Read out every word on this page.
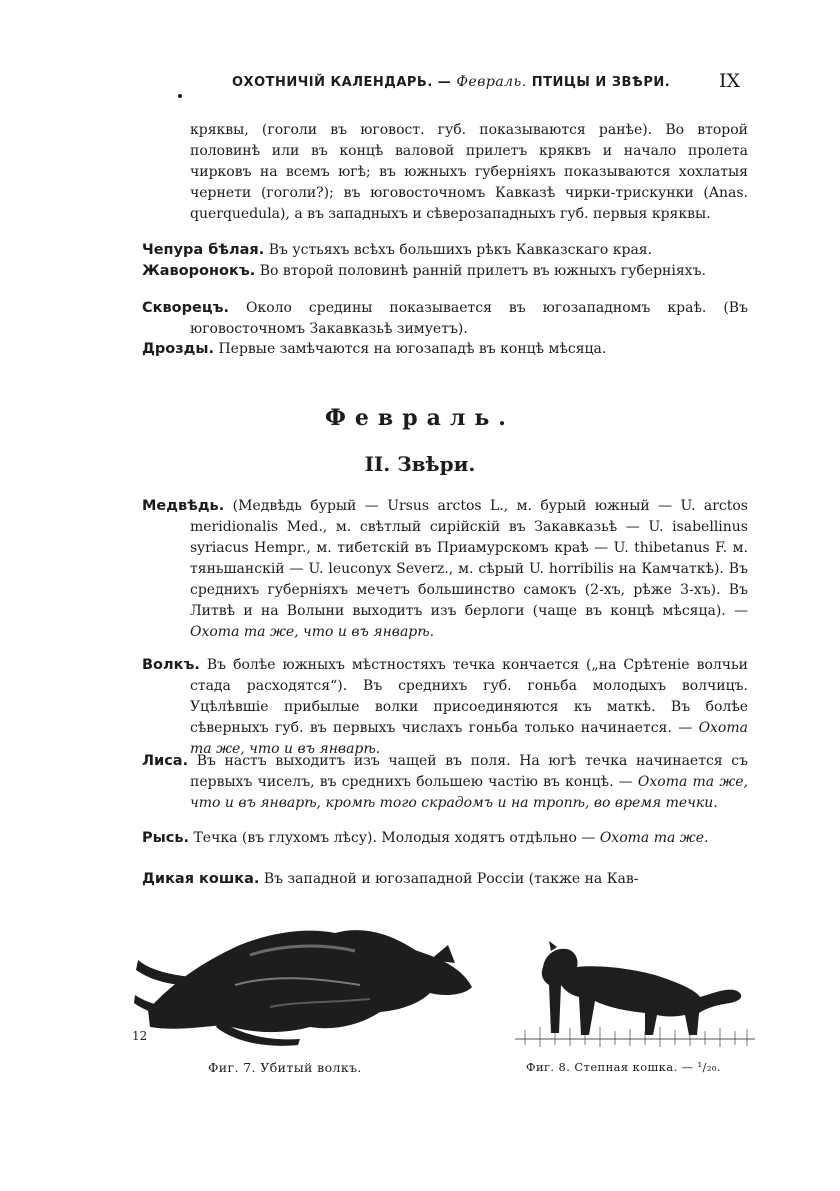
ОХОТНИЧІЙ КАЛЕНДАРЬ. — Февраль. ПТИЦЫ И ЗВѢРИ.	IX
кряквы, (гоголи въ юговост. губ. показываются ранѣе). Во второй половинѣ или въ концѣ валовой прилетъ кряквъ и начало пролета чирковъ на всемъ югѣ; въ южныхъ губерніяхъ показываются хохлатыя чернети (гоголи?); въ юговосточномъ Кавказѣ чирки-трискунки (Anas. querquedula), а въ западныхъ и сѣверозападныхъ губ. первыя кряквы.
Чепура бѣлая. Въ устьяхъ всѣхъ большихъ рѣкъ Кавказскаго края.
Жаворонокъ. Во второй половинѣ ранній прилетъ въ южныхъ губерніяхъ.
Скворецъ. Около средины показывается въ югозападномъ краѣ. (Въ юговосточномъ Закавказьѣ зимуетъ).
Дрозды. Первые замѣчаются на югозападѣ въ концѣ мѣсяца.
Февраль.
II. Звѣри.
Медвѣдь. (Медвѣдь бурый — Ursus arctos L., м. бурый южный — U. arctos meridionalis Med., м. свѣтлый сирійскій въ Закавказьѣ — U. isabellinus syriacus Hempr., м. тибетскій въ Приамурскомъ краѣ — U. thibetanus F. м. тяньшанскій — U. leuconyx Severz., м. сѣрый U. horribilis на Камчаткѣ). Въ среднихъ губерніяхъ мечетъ большинство самокъ (2-хъ, рѣже 3-хъ). Въ Литвѣ и на Волыни выходитъ изъ берлоги (чаще въ концѣ мѣсяца). — Охота та же, что и въ январѣ.
Волкъ. Въ болѣе южныхъ мѣстностяхъ течка кончается („на Срѣтеніе волчьи стада расходятся“). Въ среднихъ губ. гоньба молодыхъ волчицъ. Уцѣлѣвшіе прибылые волки присоединяются къ маткѣ. Въ болѣе сѣверныхъ губ. въ первыхъ числахъ гоньба только начинается. — Охота та же, что и въ январѣ.
Лиса. Въ настъ выходитъ изъ чащей въ поля. На югѣ течка начинается съ первыхъ чиселъ, въ среднихъ большею частію въ концѣ. — Охота та же, что и въ январѣ, кромѣ того скрадомъ и на тропѣ, во время течки.
Рысь. Течка (въ глухомъ лѣсу). Молодыя ходятъ отдѣльно — Охота та же.
Дикая кошка. Въ западной и югозападной Россіи (также на Кав-
12
Фиг. 7. Убитый волкъ.	Фиг. 8. Степная кошка. — ¹/₂₀.
